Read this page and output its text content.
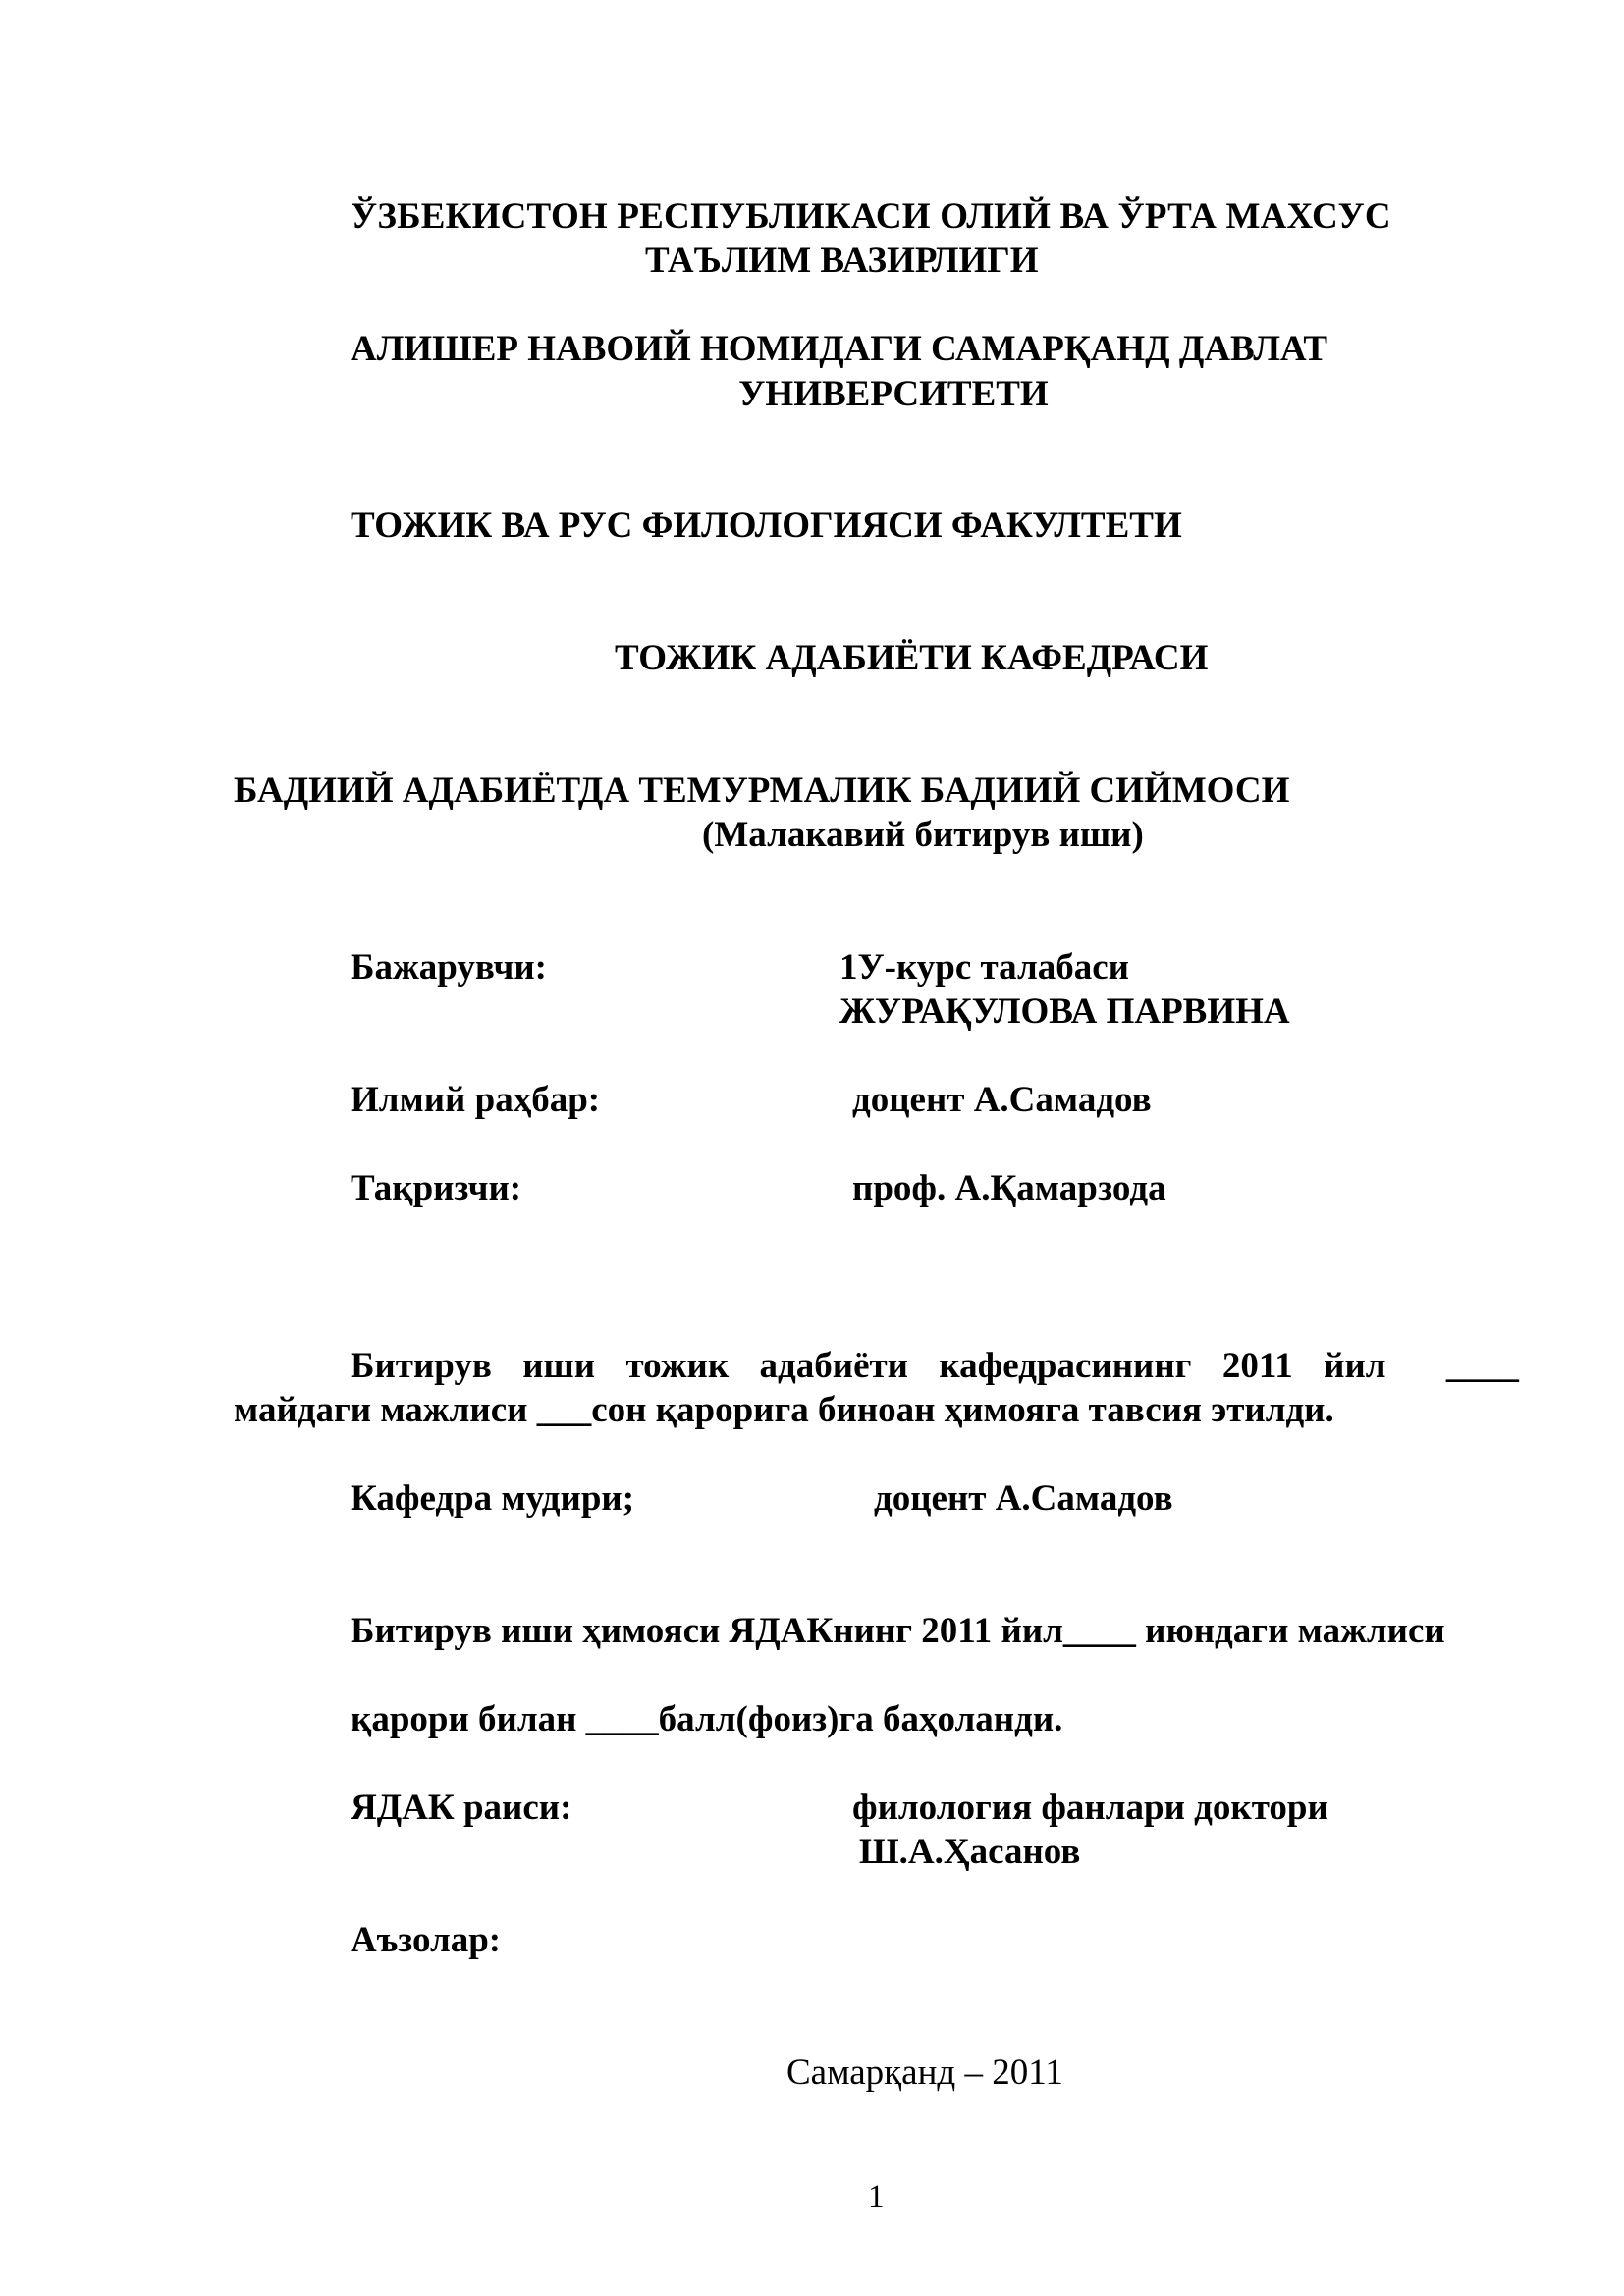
ЎЗБЕКИСТОН РЕСПУБЛИКАСИ ОЛИЙ ВА ЎРТА МАХСУС
ТАЪЛИМ ВАЗИРЛИГИ
АЛИШЕР НАВОИЙ НОМИДАГИ САМАРҚАНД ДАВЛАТ
УНИВЕРСИТЕТИ
ТОЖИК ВА РУС ФИЛОЛОГИЯСИ ФАКУЛТЕТИ
ТОЖИК АДАБИЁТИ КАФЕДРАСИ
БАДИИЙ АДАБИЁТДА ТЕМУРМАЛИК БАДИИЙ СИЙМОСИ
(Малакавий битирув иши)
Бажарувчи:	1У-курс талабаси
ЖУРАҚУЛОВА ПАРВИНА
Илмий раҳбар:	доцент А.Самадов
Тақризчи:	проф. А.Қамарзода
Битирув иши тожик адабиёти кафедрасининг 2011 йил ____
майдаги мажлиси ___сон қарорига биноан ҳимояга тавсия этилди.
Кафедра мудири;	доцент А.Самадов
Битирув иши ҳимояси ЯДАКнинг 2011 йил____ июндаги мажлиси
қарори билан ____балл(фоиз)га баҳоланди.
ЯДАК раиси:	филология фанлари доктори
Ш.А.Ҳасанов
Аъзолар:
Самарқанд – 2011
1
